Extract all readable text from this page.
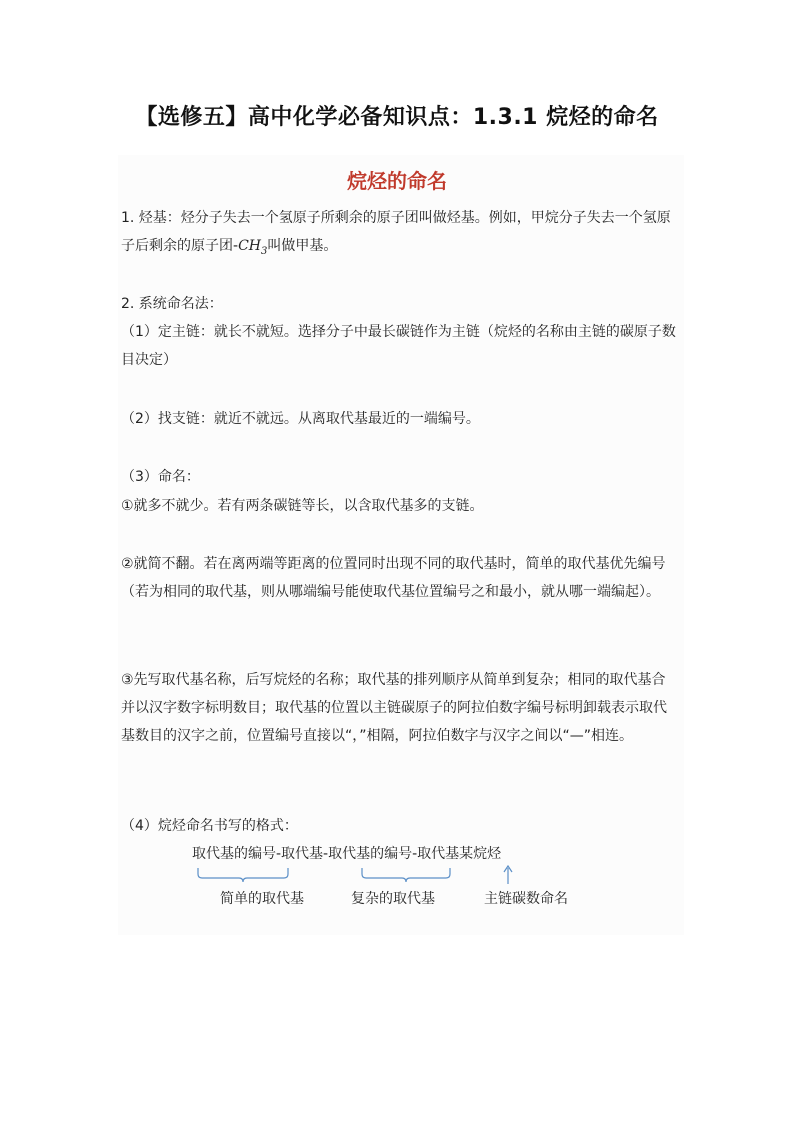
【选修五】高中化学必备知识点：1.3.1 烷烃的命名
烷烃的命名

1. 烃基：烃分子失去一个氢原子所剩余的原子团叫做烃基。例如，甲烷分子失去一个氢原子后剩余的原子团$-CH_3$叫做甲基。

2. 系统命名法：

（1）定主链：就长不就短。选择分子中最长碳链作为主链（烷烃的名称由主链的碳原子数目决定）

（2）找支链：就近不就远。从离取代基最近的一端编号。

（3）命名：

①就多不就少。若有两条碳链等长，以含取代基多的支链。

②就简不翻。若在离两端等距离的位置同时出现不同的取代基时，简单的取代基优先编号（若为相同的取代基，则从哪端编号能使取代基位置编号之和最小，就从哪一端编起）。

③先写取代基名称，后写烷烃的名称；取代基的排列顺序从简单到复杂；相同的取代基合并以汉字数字标明数目；取代基的位置以主链碳原子的阿拉伯数字编号标明卸载表示取代基数目的汉字之前，位置编号直接以“，”相隔，阿拉伯数字与汉字之间以“—”相连。

（4）烷烃命名书写的格式：

取代基的编号-取代基-取代基的编号-取代基某烷烃
简单的取代基	复杂的取代基	主链碳数命名
